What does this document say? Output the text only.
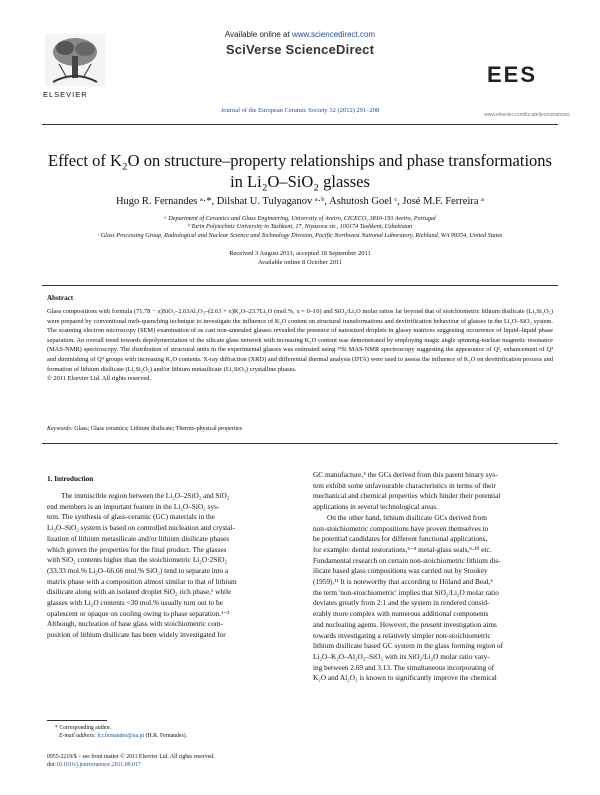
Available online at www.sciencedirect.com
SciVerse ScienceDirect
ELSEVIER
Journal of the European Ceramic Society 32 (2012) 291–298
EES
www.elsevier.com/locate/jeurceramsoc
Effect of K₂O on structure–property relationships and phase transformations
in Li₂O–SiO₂ glasses
Hugo R. Fernandes ᵃ·*, Dilshat U. Tulyaganov ᵃ·ᵇ, Ashutosh Goel ᶜ, José M.F. Ferreira ᵃ
ᵃ Department of Ceramics and Glass Engineering, University of Aveiro, CICECO, 3810-193 Aveiro, Portugal
ᵇ Turin Polytechnic University in Tashkent, 17, Niyazova str., 100174 Tashkent, Uzbekistan
ᶜ Glass Processing Group, Radiological and Nuclear Science and Technology Division, Pacific Northwest National Laboratory, Richland, WA 99354, United States
Received 3 August 2011; accepted 18 September 2011
Available online 8 October 2011
Abstract
Glass compositions with formula (71.78 − x)SiO₂–2.63Al₂O₃–(2.63 + x)K₂O–23.7Li₂O (mol.%, x = 0–10) and SiO₂/Li₂O molar ratios far beyond that of stoichiometric lithium disilicate (Li₂Si₂O₅) were prepared by conventional melt-quenching technique to investigate the influence of K₂O content on structural transformations and devitrification behaviour of glasses in the Li₂O–SiO₂ system. The scanning electron microscopy (SEM) examination of as cast non-annealed glasses revealed the presence of nanosized droplets in glassy matrices suggesting occurrence of liquid–liquid phase separation. An overall trend towards depolymerization of the silicate glass network with increasing K₂O content was demonstrated by employing magic angle spinning-nuclear magnetic resonance (MAS-NMR) spectroscopy. The distribution of structural units in the experimental glasses was estimated using ²⁹Si MAS-NMR spectroscopy suggesting the appearance of Q², enhancement of Q³ and diminishing of Q⁴ groups with increasing K₂O contents. X-ray diffraction (XRD) and differential thermal analysis (DTA) were used to assess the influence of K₂O on devitrification process and formation of lithium disilicate (Li₂Si₂O₅) and/or lithium metasilicate (Li₂SiO₃) crystalline phases.
© 2011 Elsevier Ltd. All rights reserved.
Keywords: Glass; Glass ceramics; Lithium disilicate; Thermo-physical properties
1. Introduction
The immiscible region between the Li₂O–2SiO₂ and SiO₂
end members is an important feature in the Li₂O–SiO₂ sys-
tem. The synthesis of glass-ceramic (GC) materials in the
Li₂O–SiO₂ system is based on controlled nucleation and crystal-
lization of lithium metasilicate and/or lithium disilicate phases
which govern the properties for the final product. The glasses
with SiO₂ contents higher than the stoichiometric Li₂O·2SiO₂
(33.33 mol.% Li₂O–66.66 mol.% SiO₂) tend to separate into a
matrix phase with a composition almost similar to that of lithium
disilicate along with an isolated droplet SiO₂ rich phase,¹ while
glasses with Li₂O contents <30 mol.% usually turn out to be
opalescent or opaque on cooling owing to phase separation.¹⁻³
Although, nucleation of base glass with stoichiometric com-
position of lithium disilicate has been widely investigated for
GC manufacture,⁴ the GCs derived from this parent binary sys-
tem exhibit some unfavourable characteristics in terms of their
mechanical and chemical properties which hinder their potential
applications in several technological areas.
On the other hand, lithium disilicate GCs derived from
non-stoichiometric compositions have proven themselves to
be potential candidates for different functional applications,
for example: dental restorations,⁵⁻⁸ metal-glass seals,⁹·¹⁰ etc.
Fundamental research on certain non-stoichiometric lithium dis-
ilicate based glass compositions was carried out by Stookey
(1959).¹¹ It is noteworthy that according to Höland and Beal,⁴
the term 'non-stoichiometric' implies that SiO₂/Li₂O molar ratio
deviates greatly from 2:1 and the system in rendered consid-
erably more complex with numerous additional components
and nucleating agents. However, the present investigation aims
towards investigating a relatively simpler non-stoichiometric
lithium disilicate based GC system in the glass forming region of
Li₂O–K₂O–Al₂O₃–SiO₂ with its SiO₂/Li₂O molar ratio vary-
ing between 2.69 and 3.13. The simultaneous incorporating of
K₂O and Al₂O₃ is known to significantly improve the chemical
* Corresponding author.
E-mail address: h.r.fernandes@ua.pt (H.R. Fernandes).
0955-2219/$ – see front matter © 2011 Elsevier Ltd. All rights reserved.
doi:10.1016/j.jeurceramsoc.2011.09.017
